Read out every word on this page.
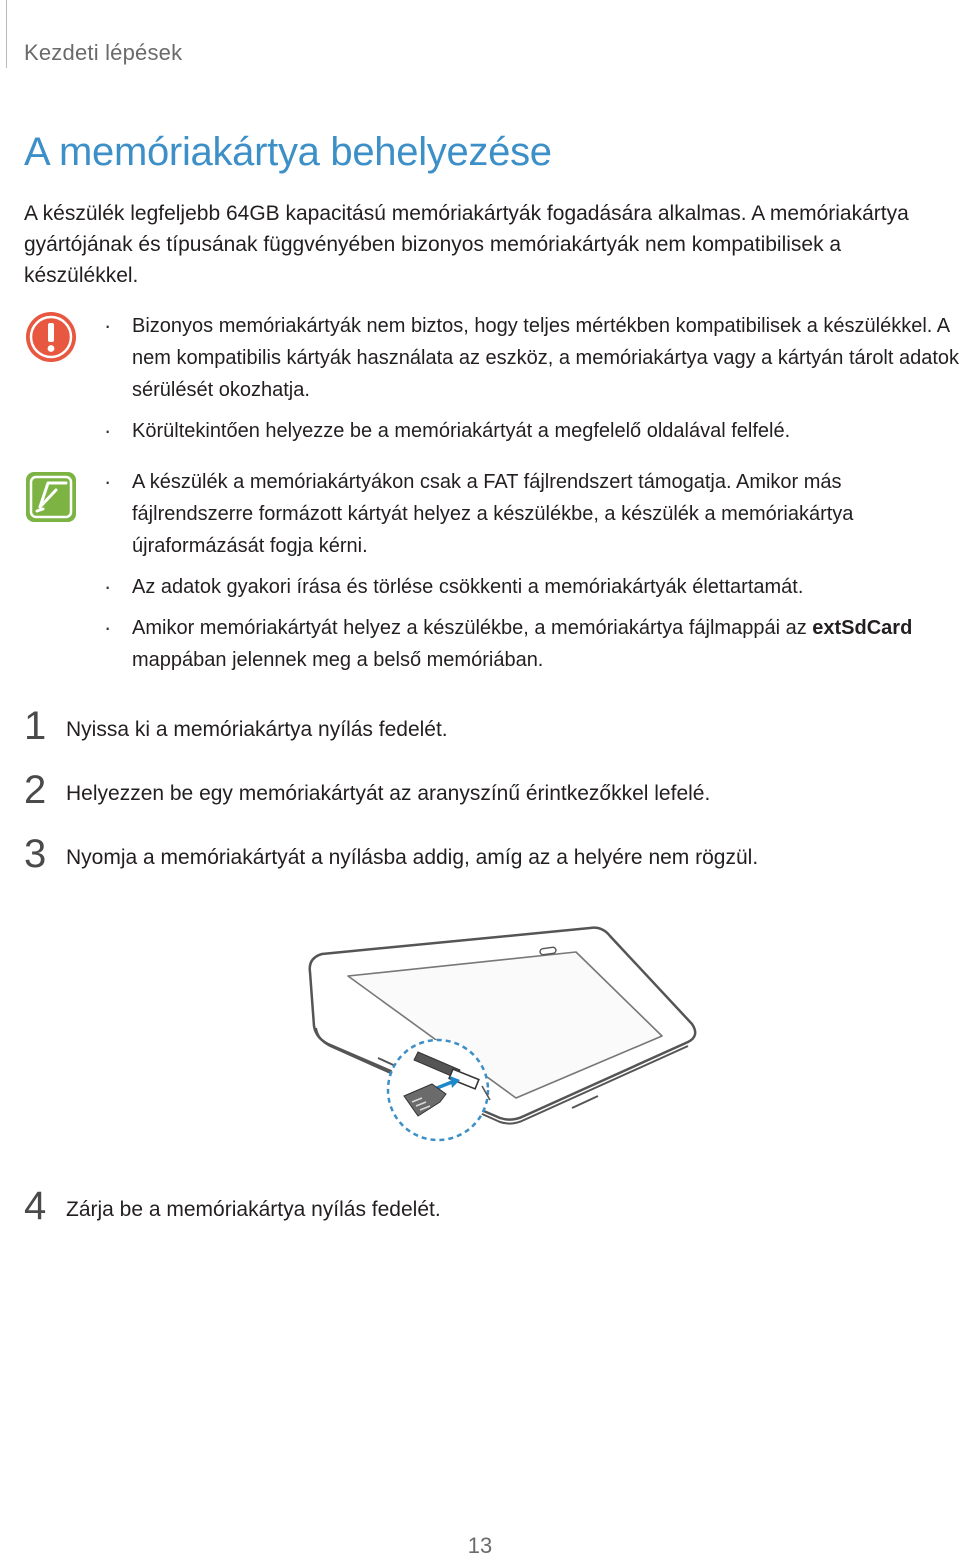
Kezdeti lépések
A memóriakártya behelyezése

A készülék legfeljebb 64GB kapacitású memóriakártyák fogadására alkalmas. A memóriakártya gyártójának és típusának függvényében bizonyos memóriakártyák nem kompatibilisek a készülékkel.

· Bizonyos memóriakártyák nem biztos, hogy teljes mértékben kompatibilisek a készülékkel. A nem kompatibilis kártyák használata az eszköz, a memóriakártya vagy a kártyán tárolt adatok sérülését okozhatja.
· Körültekintően helyezze be a memóriakártyát a megfelelő oldalával felfelé.
· A készülék a memóriakártyákon csak a FAT fájlrendszert támogatja. Amikor más fájlrendszerre formázott kártyát helyez a készülékbe, a készülék a memóriakártya újraformázását fogja kérni.
· Az adatok gyakori írása és törlése csökkenti a memóriakártyák élettartamát.
· Amikor memóriakártyát helyez a készülékbe, a memóriakártya fájlmappái az extSdCard mappában jelennek meg a belső memóriában.
1 Nyissa ki a memóriakártya nyílás fedelét.
2 Helyezzen be egy memóriakártyát az aranyszínű érintkezőkkel lefelé.
3 Nyomja a memóriakártyát a nyílásba addig, amíg az a helyére nem rögzül.
4 Zárja be a memóriakártya nyílás fedelét.
13
